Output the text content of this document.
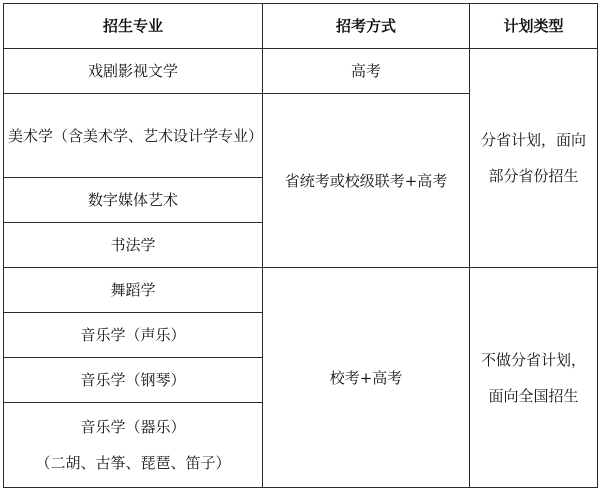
招生专业	招考方式	计划类型
戏剧影视文学	高考	分省计划，面向部分省份招生
美术学（含美术学、艺术设计学专业）	省统考或校级联考+高考	
数字媒体艺术		
书法学		
舞蹈学	校考+高考	不做分省计划，面向全国招生
音乐学（声乐）		
音乐学（钢琴）		

音乐学（器乐）
（二胡、古筝、琵琶、笛子）		
